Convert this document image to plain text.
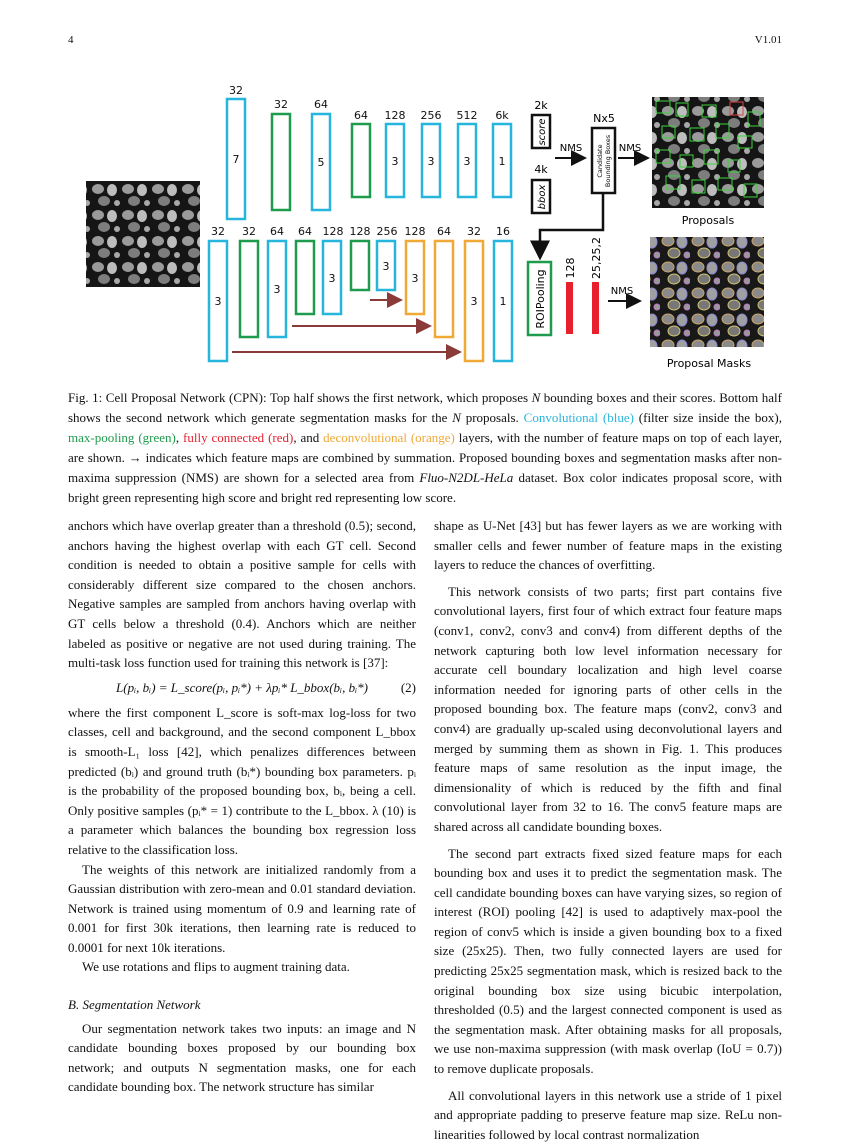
4	V1.01
32
32 64
64 128 256 512 6k
7	5	3	3	3	1
2k
score
4k
bbox
NMS
Nx5
Candidate Bounding Boxes NMS
Proposals
32 32 64 64 128 128 256 128 64 32 16
3
3
3
3
3
3 1	ROIPooling
128 25,25,2
NMS
Proposal Masks
Fig. 1: Cell Proposal Network (CPN): Top half shows the first network, which proposes N bounding boxes and their scores. Bottom half shows the second network which generate segmentation masks for the N proposals. Convolutional (blue) (filter size inside the box), max-pooling (green), fully connected (red), and deconvolutional (orange) layers, with the number of feature maps on top of each layer, are shown. → indicates which feature maps are combined by summation. Proposed bounding boxes and segmentation masks after non-maxima suppression (NMS) are shown for a selected area from Fluo-N2DL-HeLa dataset. Box color indicates proposal score, with bright green representing high score and bright red representing low score.

anchors which have overlap greater than a threshold (0.5); second, anchors having the highest overlap with each GT cell. Second condition is needed to obtain a positive sample for cells with considerably different size compared to the chosen anchors. Negative samples are sampled from anchors having overlap with GT cells below a threshold (0.4). Anchors which are neither labeled as positive or negative are not used during training. The multi-task loss function used for training this network is [37]:

L(pᵢ, bᵢ) = L_score(pᵢ, pᵢ*) + λpᵢ* L_bbox(bᵢ, bᵢ*)	(2)

where the first component L_score is soft-max log-loss for two classes, cell and background, and the second component L_bbox is smooth-L₁ loss [42], which penalizes differences between predicted (bᵢ) and ground truth (bᵢ*) bounding box parameters. pᵢ is the probability of the proposed bounding box, bᵢ, being a cell. Only positive samples (pᵢ* = 1) contribute to the L_bbox. λ (10) is a parameter which balances the bounding box regression loss relative to the classification loss.

The weights of this network are initialized randomly from a Gaussian distribution with zero-mean and 0.01 standard deviation. Network is trained using momentum of 0.9 and learning rate of 0.001 for first 30k iterations, then learning rate is reduced to 0.0001 for next 10k iterations.

We use rotations and flips to augment training data.

B. Segmentation Network

Our segmentation network takes two inputs: an image and N candidate bounding boxes proposed by our bounding box network; and outputs N segmentation masks, one for each candidate bounding box. The network structure has similar

shape as U-Net [43] but has fewer layers as we are working with smaller cells and fewer number of feature maps in the existing layers to reduce the chances of overfitting.

This network consists of two parts; first part contains five convolutional layers, first four of which extract four feature maps (conv1, conv2, conv3 and conv4) from different depths of the network capturing both low level information necessary for accurate cell boundary localization and high level coarse information needed for ignoring parts of other cells in the proposed bounding box. The feature maps (conv2, conv3 and conv4) are gradually up-scaled using deconvolutional layers and merged by summing them as shown in Fig. 1. This produces feature maps of same resolution as the input image, the dimensionality of which is reduced by the fifth and final convolutional layer from 32 to 16. The conv5 feature maps are shared across all candidate bounding boxes.

The second part extracts fixed sized feature maps for each bounding box and uses it to predict the segmentation mask. The cell candidate bounding boxes can have varying sizes, so region of interest (ROI) pooling [42] is used to adaptively max-pool the region of conv5 which is inside a given bounding box to a fixed size (25x25). Then, two fully connected layers are used for predicting 25x25 segmentation mask, which is resized back to the original bounding box size using bicubic interpolation, thresholded (0.5) and the largest connected component is used as the segmentation mask. After obtaining masks for all proposals, we use non-maxima suppression (with mask overlap (IoU = 0.7)) to remove duplicate proposals.

All convolutional layers in this network use a stride of 1 pixel and appropriate padding to preserve feature map size. ReLu non-linearities followed by local contrast normalization
